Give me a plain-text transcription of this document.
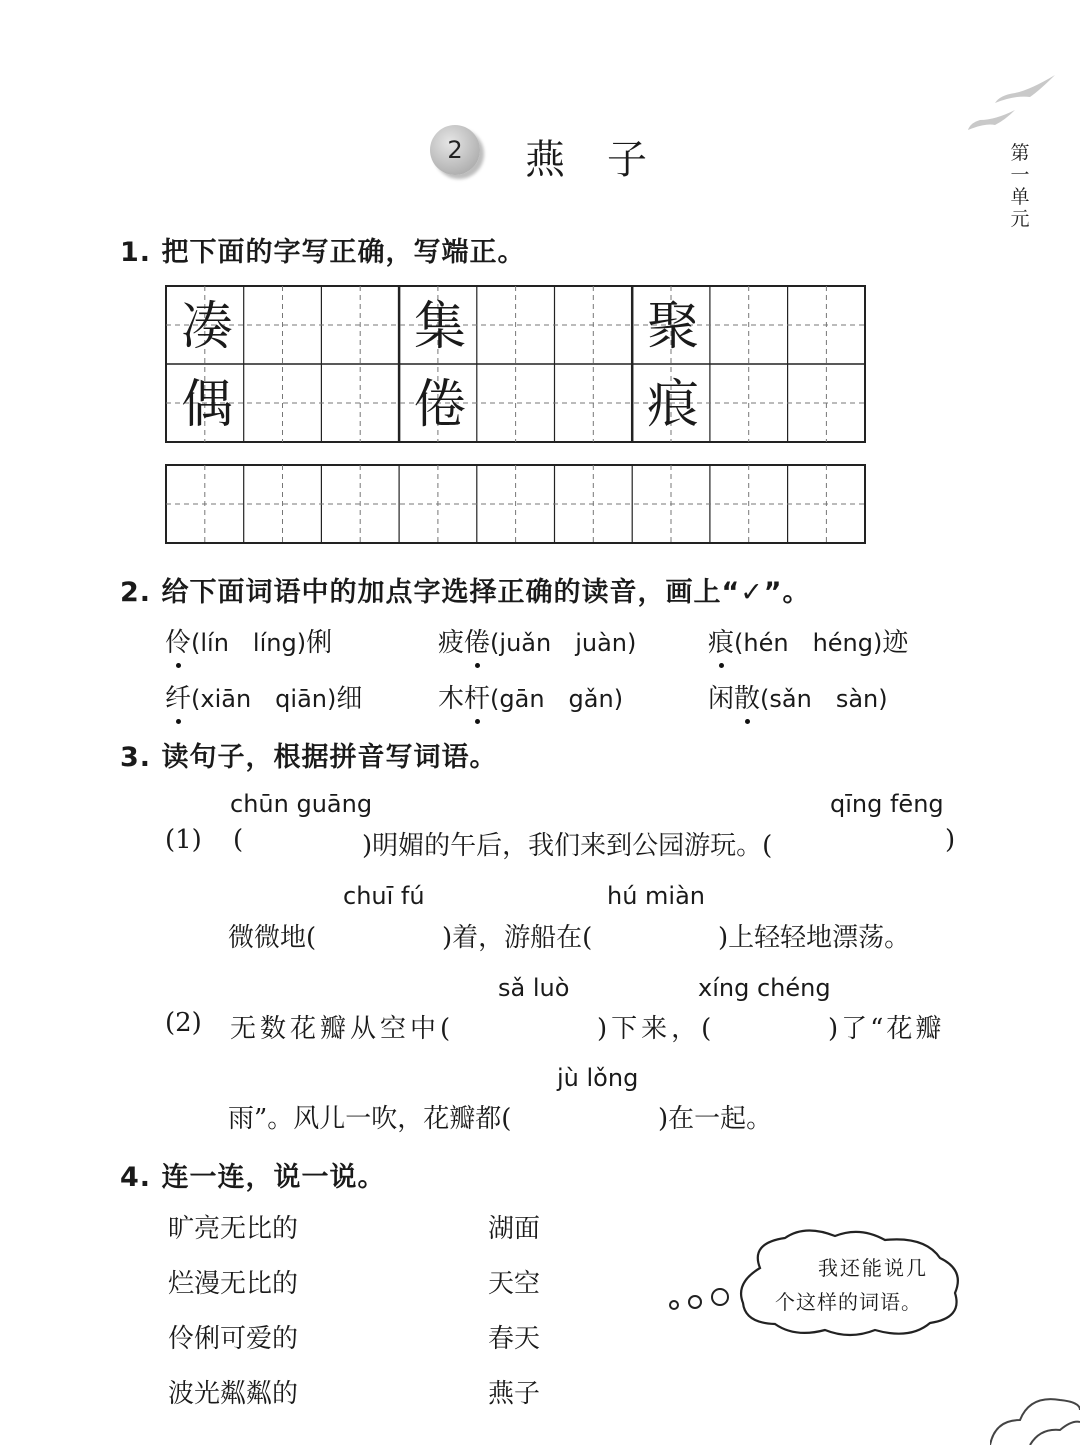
2	燕子	第
一
单
元
1. 把下面的字写正确，写端正。
凑	集	聚
偶	倦	痕
2. 给下面词语中的加点字选择正确的读音，画上“✓”。
伶(lín　líng)俐	疲倦(juǎn　juàn)	痕(hén　héng)迹
纤(xiān　qiān)细	木杆(gān　gǎn)	闲散(sǎn　sàn)
3. 读句子，根据拼音写词语。
chūn guāng	qīng fēng
(1) (	)明媚的午后，我们来到公园游玩。(	)
chuī fú	hú miàn
微微地(	)着，游船在(	)上轻轻地漂荡。
sǎ luò	xíng chéng
(2) 无数花瓣从空中(	)下来，(	)了“花瓣
jù lǒng
雨”。风儿一吹，花瓣都(	)在一起。
4. 连一连，说一说。
旷亮无比的
烂漫无比的
伶俐可爱的
波光粼粼的
湖面
天空
春天
燕子
我还能说几
个这样的词语。
